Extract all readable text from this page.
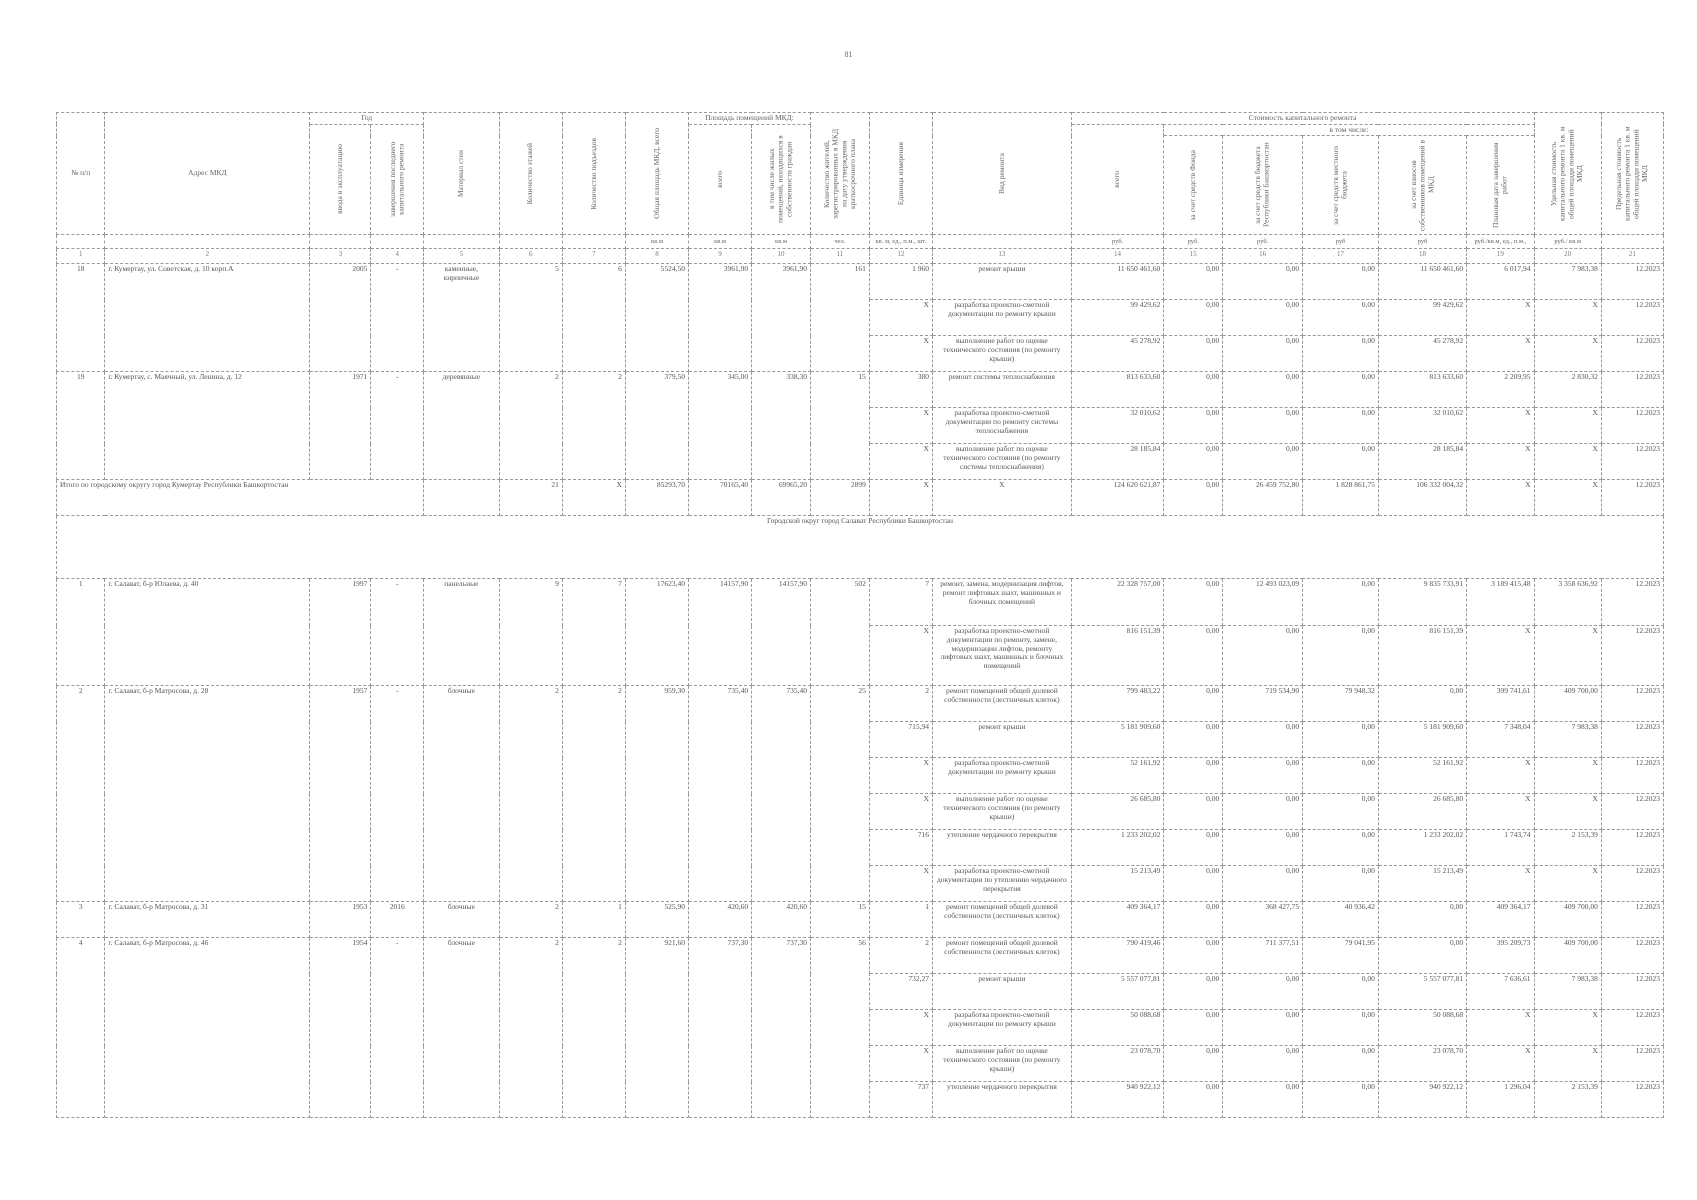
81
№ п/п	Адрес МКД	Год		Материал стен	Количество этажей	Количество подъездов	Общая площадь МКД, всего	Площадь помещений МКД:		Количество жителей, зарегистрированных в МКД на дату утверждения краткосрочного плана	Единица измерения	Вид ремонта	Стоимость капитального ремонта						Удельная стоимость капитального ремонта 1 кв. м общей площади помещений МКД	Предельная стоимость капитального ремонта 1 кв. м общей площади помещений МКД

		ввода в эксплуатацию	завершения последнего капитального ремонта					всего	в том числе жилых помещений, находящихся в собственности граждан				всего	в том числе:						

														за счет средств Фонда	за счет средств бюджета Республики Башкортостан	за счет средств местного бюджета	за счет взносов собственников помещений в МКД	Плановая дата завершения работ		

							кв.м	кв.м	кв.м	чел.	кв. м, ед., п.м., шт.		руб.	руб.	руб.	руб	руб	руб./кв.м, ед., п.м.,	руб./ кв.м	
1	2	3	4	5	6	7	8	9	10	11	12	13	14	15	16	17	18	19	20	21
18	г. Кумертау, ул. Советская, д. 10 корп.А	2005	-	каменные, кирпичные	5	6	5524,50	3961,90	3961,90	161	1 960	ремонт крыши	11 650 461,60	0,00	0,00	0,00	11 650 461,60	6 017,94	7 983,38	12.2023
											X	разработка проектно-сметной документации по ремонту крыши	99 429,62	0,00	0,00	0,00	99 429,62	X	X	12.2023
											X	выполнение работ по оценке технического состояния (по ремонту крыши)	45 278,92	0,00	0,00	0,00	45 278,92	X	X	12.2023
19	г. Кумертау, с. Маячный, ул. Ленина, д. 12	1971	-	деревянные	2	2	379,50	345,00	338,30	15	380	ремонт системы теплоснабжения	813 633,60	0,00	0,00	0,00	813 633,60	2 209,95	2 830,32	12.2023
											X	разработка проектно-сметной документации по ремонту системы теплоснабжения	32 010,62	0,00	0,00	0,00	32 010,62	X	X	12.2023
											X	выполнение работ по оценке технического состояния (по ремонту системы теплоснабжения)	28 185,84	0,00	0,00	0,00	28 185,84	X	X	12.2023
Итого по городскому округу город Кумертау Республики Башкортостан					21	X	85293,70	70165,40	69965,20	2899	X	X	124 620 621,87	0,00	26 459 752,80	1 828 861,75	106 332 004,32	X	X	12.2023
Городской округ город Салават Республики Башкортостан																				
1	г. Салават, б-р Юлаева, д. 40	1997	-	панельные	9	7	17623,40	14157,90	14157,90	502	7	ремонт, замена, модернизация лифтов, ремонт лифтовых шахт, машинных и блочных помещений	22 328 757,00	0,00	12 493 023,09	0,00	9 835 733,91	3 189 415,48	3 358 636,92	12.2023
											X	разработка проектно-сметной документации по ремонту, замене, модернизации лифтов, ремонту лифтовых шахт, машинных и блочных помещений	816 151,39	0,00	0,00	0,00	816 151,39	X	X	12.2023
2	г. Салават, б-р Матросова, д. 28	1957	-	блочные	2	2	959,30	735,40	735,40	25	2	ремонт помещений общей долевой собственности (лестничных клеток)	799 483,22	0,00	719 534,90	79 948,32	0,00	399 741,61	409 700,00	12.2023
											715,94	ремонт крыши	5 181 909,60	0,00	0,00	0,00	5 181 909,60	7 348,04	7 983,38	12.2023
											X	разработка проектно-сметной документации по ремонту крыши	52 161,92	0,00	0,00	0,00	52 161,92	X	X	12.2023
											X	выполнение работ по оценке технического состояния (по ремонту крыши)	26 685,80	0,00	0,00	0,00	26 685,80	X	X	12.2023
											716	утепление чердачного перекрытия	1 233 202,02	0,00	0,00	0,00	1 233 202,02	1 743,74	2 153,39	12.2023
											X	разработка проектно-сметной документации по утеплению чердачного перекрытия	15 213,49	0,00	0,00	0,00	15 213,49	X	X	12.2023
3	г. Салават, б-р Матросова, д. 31	1953	2016	блочные	2	1	525,90	420,60	420,60	15	1	ремонт помещений общей долевой собственности (лестничных клеток)	409 364,17	0,00	368 427,75	40 936,42	0,00	409 364,17	409 700,00	12.2023
4	г. Салават, б-р Матросова, д. 46	1954	-	блочные	2	2	921,60	737,30	737,30	56	2	ремонт помещений общей долевой собственности (лестничных клеток)	790 419,46	0,00	711 377,51	79 041,95	0,00	395 209,73	409 700,00	12.2023
											732,27	ремонт крыши	5 557 077,81	0,00	0,00	0,00	5 557 077,81	7 636,61	7 983,38	12.2023
											X	разработка проектно-сметной документации по ремонту крыши	50 088,68	0,00	0,00	0,00	50 088,68	X	X	12.2023
											X	выполнение работ по оценке технического состояния (по ремонту крыши)	23 078,70	0,00	0,00	0,00	23 078,70	X	X	12.2023
											737	утепление чердачного перекрытия	940 922,12	0,00	0,00	0,00	940 922,12	1 296,04	2 153,39	12.2023
